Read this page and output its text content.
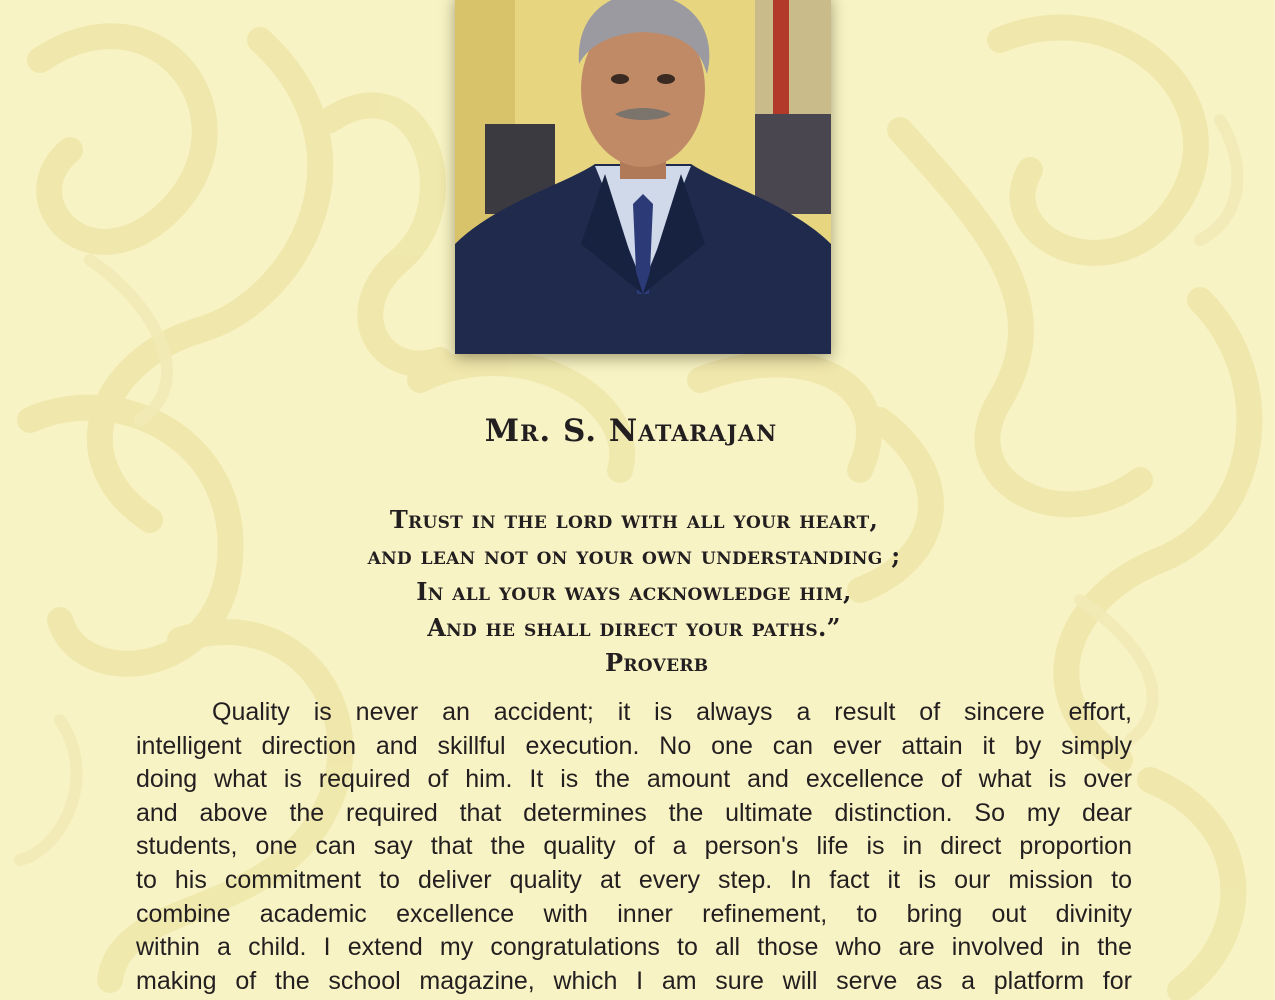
Mr. S. Natarajan
Trust in the lord with all your heart,
and lean not on your own understanding ;
In all your ways acknowledge him,
And he shall direct your paths.”
Proverb
Quality is never an accident; it is always a result of sincere effort,
intelligent direction and skillful execution. No one can ever attain it by simply
doing what is required of him. It is the amount and excellence of what is over
and above the required that determines the ultimate distinction. So my dear
students, one can say that the quality of a person's life is in direct proportion
to his commitment to deliver quality at every step. In fact it is our mission to
combine academic excellence with inner refinement, to bring out divinity
within a child. I extend my congratulations to all those who are involved in the
making of the school magazine, which I am sure will serve as a platform for
